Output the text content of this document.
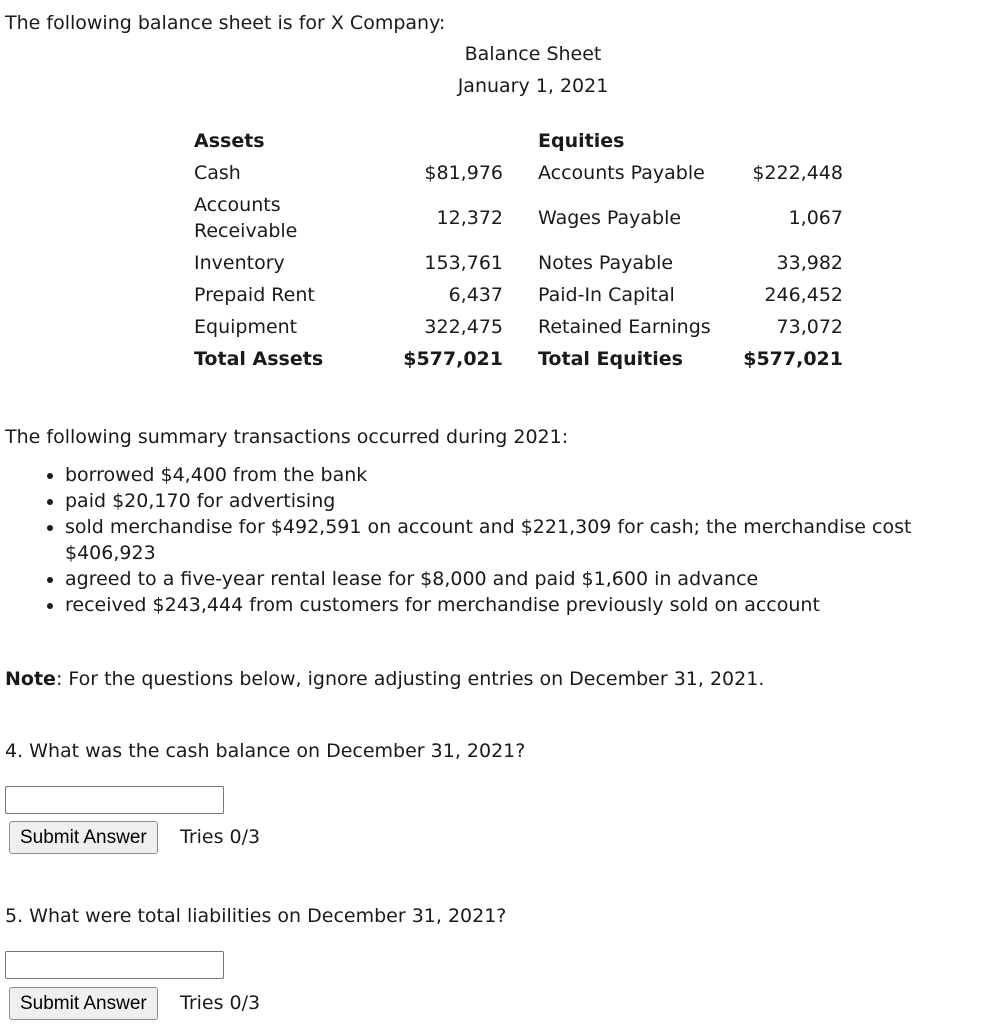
The following balance sheet is for X Company:
Balance Sheet
January 1, 2021
Assets	Equities
Cash	$81,976 Accounts Payable	$222,448
Accounts
Receivable
12,372 Wages Payable	1,067
Inventory	153,761 Notes Payable	33,982
Prepaid Rent	6,437 Paid-In Capital	246,452
Equipment	322,475 Retained Earnings	73,072
Total Assets	$577,021 Total Equities	$577,021
The following summary transactions occurred during 2021:
• borrowed $4,400 from the bank
• paid $20,170 for advertising
• sold merchandise for $492,591 on account and $221,309 for cash; the merchandise cost $406,923
• agreed to a five-year rental lease for $8,000 and paid $1,600 in advance
• received $243,444 from customers for merchandise previously sold on account
Note: For the questions below, ignore adjusting entries on December 31, 2021.
4. What was the cash balance on December 31, 2021?
Submit Answer	Tries 0/3
5. What were total liabilities on December 31, 2021?
Submit Answer	Tries 0/3
